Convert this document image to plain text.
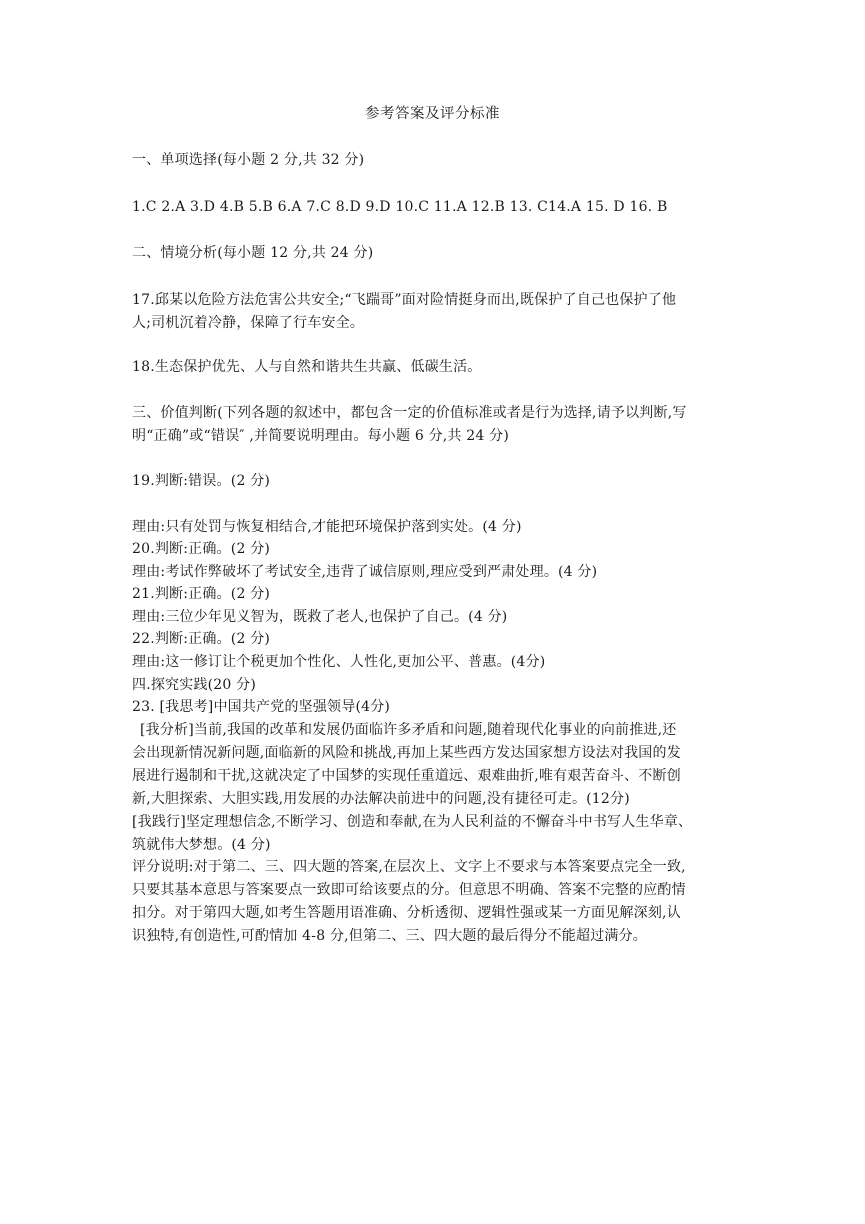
参考答案及评分标准
一、单项选择(每小题 2 分,共 32 分)
1.C 2.A 3.D 4.B 5.B 6.A 7.C 8.D 9.D 10.C 11.A 12.B 13. C14.A 15. D 16. B
二、情境分析(每小题 12 分,共 24 分)
17.邱某以危险方法危害公共安全;“飞踹哥”面对险情挺身而出,既保护了自己也保护了他
人;司机沉着冷静，保障了行车安全。
18.生态保护优先、人与自然和谐共生共赢、低碳生活。
三、价值判断(下列各题的叙述中，都包含一定的价值标准或者是行为选择,请予以判断,写
明“正确”或“错误″ ,并简要说明理由。每小题 6 分,共 24 分)
19.判断:错误。(2 分)
理由:只有处罚与恢复相结合,才能把环境保护落到实处。(4 分)
20.判断:正确。(2 分)
理由:考试作弊破坏了考试安全,违背了诚信原则,理应受到严肃处理。(4 分)
21.判断:正确。(2 分)
理由:三位少年见义智为，既救了老人,也保护了自己。(4 分)
22.判断:正确。(2 分)
理由:这一修订让个税更加个性化、人性化,更加公平、普惠。(4分)
四.探究实践(20 分)
23. [我思考]中国共产党的坚强领导(4分)
[我分析]当前,我国的改革和发展仍面临许多矛盾和问题,随着现代化事业的向前推进,还
会出现新情况新问题,面临新的风险和挑战,再加上某些西方发达国家想方设法对我国的发
展进行遏制和干扰,这就决定了中国梦的实现任重道远、艰难曲折,唯有艰苦奋斗、不断创
新,大胆探索、大胆实践,用发展的办法解决前进中的问题,没有捷径可走。(12分)
[我践行]坚定理想信念,不断学习、创造和奉献,在为人民利益的不懈奋斗中书写人生华章、
筑就伟大梦想。(4 分)
评分说明:对于第二、三、四大题的答案,在层次上、文字上不要求与本答案要点完全一致,
只要其基本意思与答案要点一致即可给该要点的分。但意思不明确、答案不完整的应酌情
扣分。对于第四大题,如考生答题用语准确、分析透彻、逻辑性强或某一方面见解深刻,认
识独特,有创造性,可酌情加 4-8 分,但第二、三、四大题的最后得分不能超过满分。
